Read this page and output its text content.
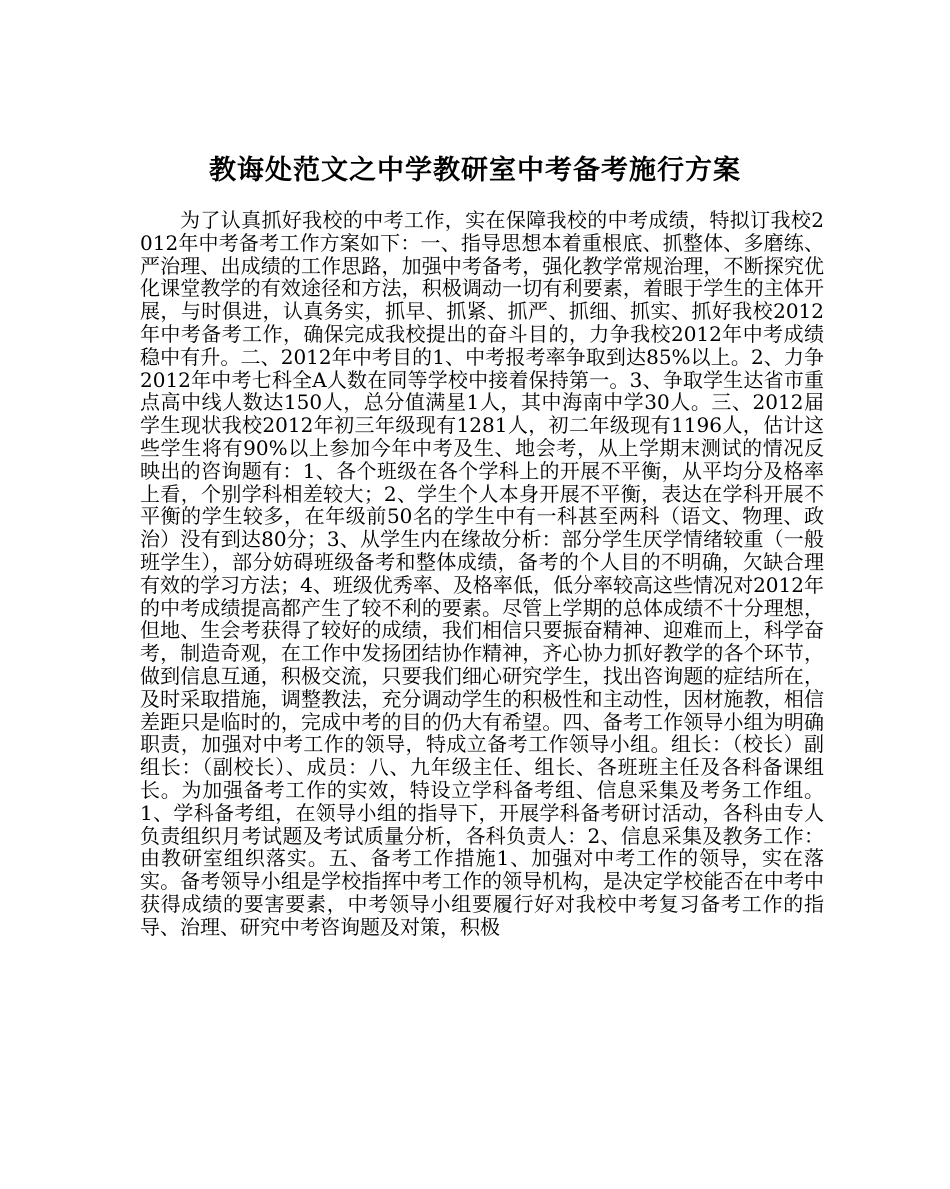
教诲处范文之中学教研室中考备考施行方案

为了认真抓好我校的中考工作，实在保障我校的中考成绩，特拟订我校2012年中考备考工作方案如下：一、指导思想本着重根底、抓整体、多磨练、严治理、出成绩的工作思路，加强中考备考，强化教学常规治理，不断探究优化课堂教学的有效途径和方法，积极调动一切有利要素，着眼于学生的主体开展，与时俱进，认真务实，抓早、抓紧、抓严、抓细、抓实、抓好我校2012年中考备考工作，确保完成我校提出的奋斗目的，力争我校2012年中考成绩稳中有升。二、2012年中考目的1、中考报考率争取到达85%以上。2、力争2012年中考七科全A人数在同等学校中接着保持第一。3、争取学生达省市重点高中线人数达150人，总分值满星1人，其中海南中学30人。三、2012届学生现状我校2012年初三年级现有1281人，初二年级现有1196人，估计这些学生将有90%以上参加今年中考及生、地会考，从上学期末测试的情况反映出的咨询题有：1、各个班级在各个学科上的开展不平衡，从平均分及格率上看，个别学科相差较大；2、学生个人本身开展不平衡，表达在学科开展不平衡的学生较多，在年级前50名的学生中有一科甚至两科（语文、物理、政治）没有到达80分；3、从学生内在缘故分析：部分学生厌学情绪较重（一般班学生），部分妨碍班级备考和整体成绩，备考的个人目的不明确，欠缺合理有效的学习方法；4、班级优秀率、及格率低，低分率较高这些情况对2012年的中考成绩提高都产生了较不利的要素。尽管上学期的总体成绩不十分理想，但地、生会考获得了较好的成绩，我们相信只要振奋精神、迎难而上，科学奋考，制造奇观，在工作中发扬团结协作精神，齐心协力抓好教学的各个环节，做到信息互通，积极交流，只要我们细心研究学生，找出咨询题的症结所在，及时采取措施，调整教法，充分调动学生的积极性和主动性，因材施教，相信差距只是临时的，完成中考的目的仍大有希望。四、备考工作领导小组为明确职责，加强对中考工作的领导，特成立备考工作领导小组。组长：（校长）副组长：（副校长）、成员：八、九年级主任、组长、各班班主任及各科备课组长。为加强备考工作的实效，特设立学科备考组、信息采集及考务工作组。1、学科备考组，在领导小组的指导下，开展学科备考研讨活动，各科由专人负责组织月考试题及考试质量分析，各科负责人：2、信息采集及教务工作：由教研室组织落实。五、备考工作措施1、加强对中考工作的领导，实在落实。备考领导小组是学校指挥中考工作的领导机构，是决定学校能否在中考中获得成绩的要害要素，中考领导小组要履行好对我校中考复习备考工作的指导、治理、研究中考咨询题及对策，积极
